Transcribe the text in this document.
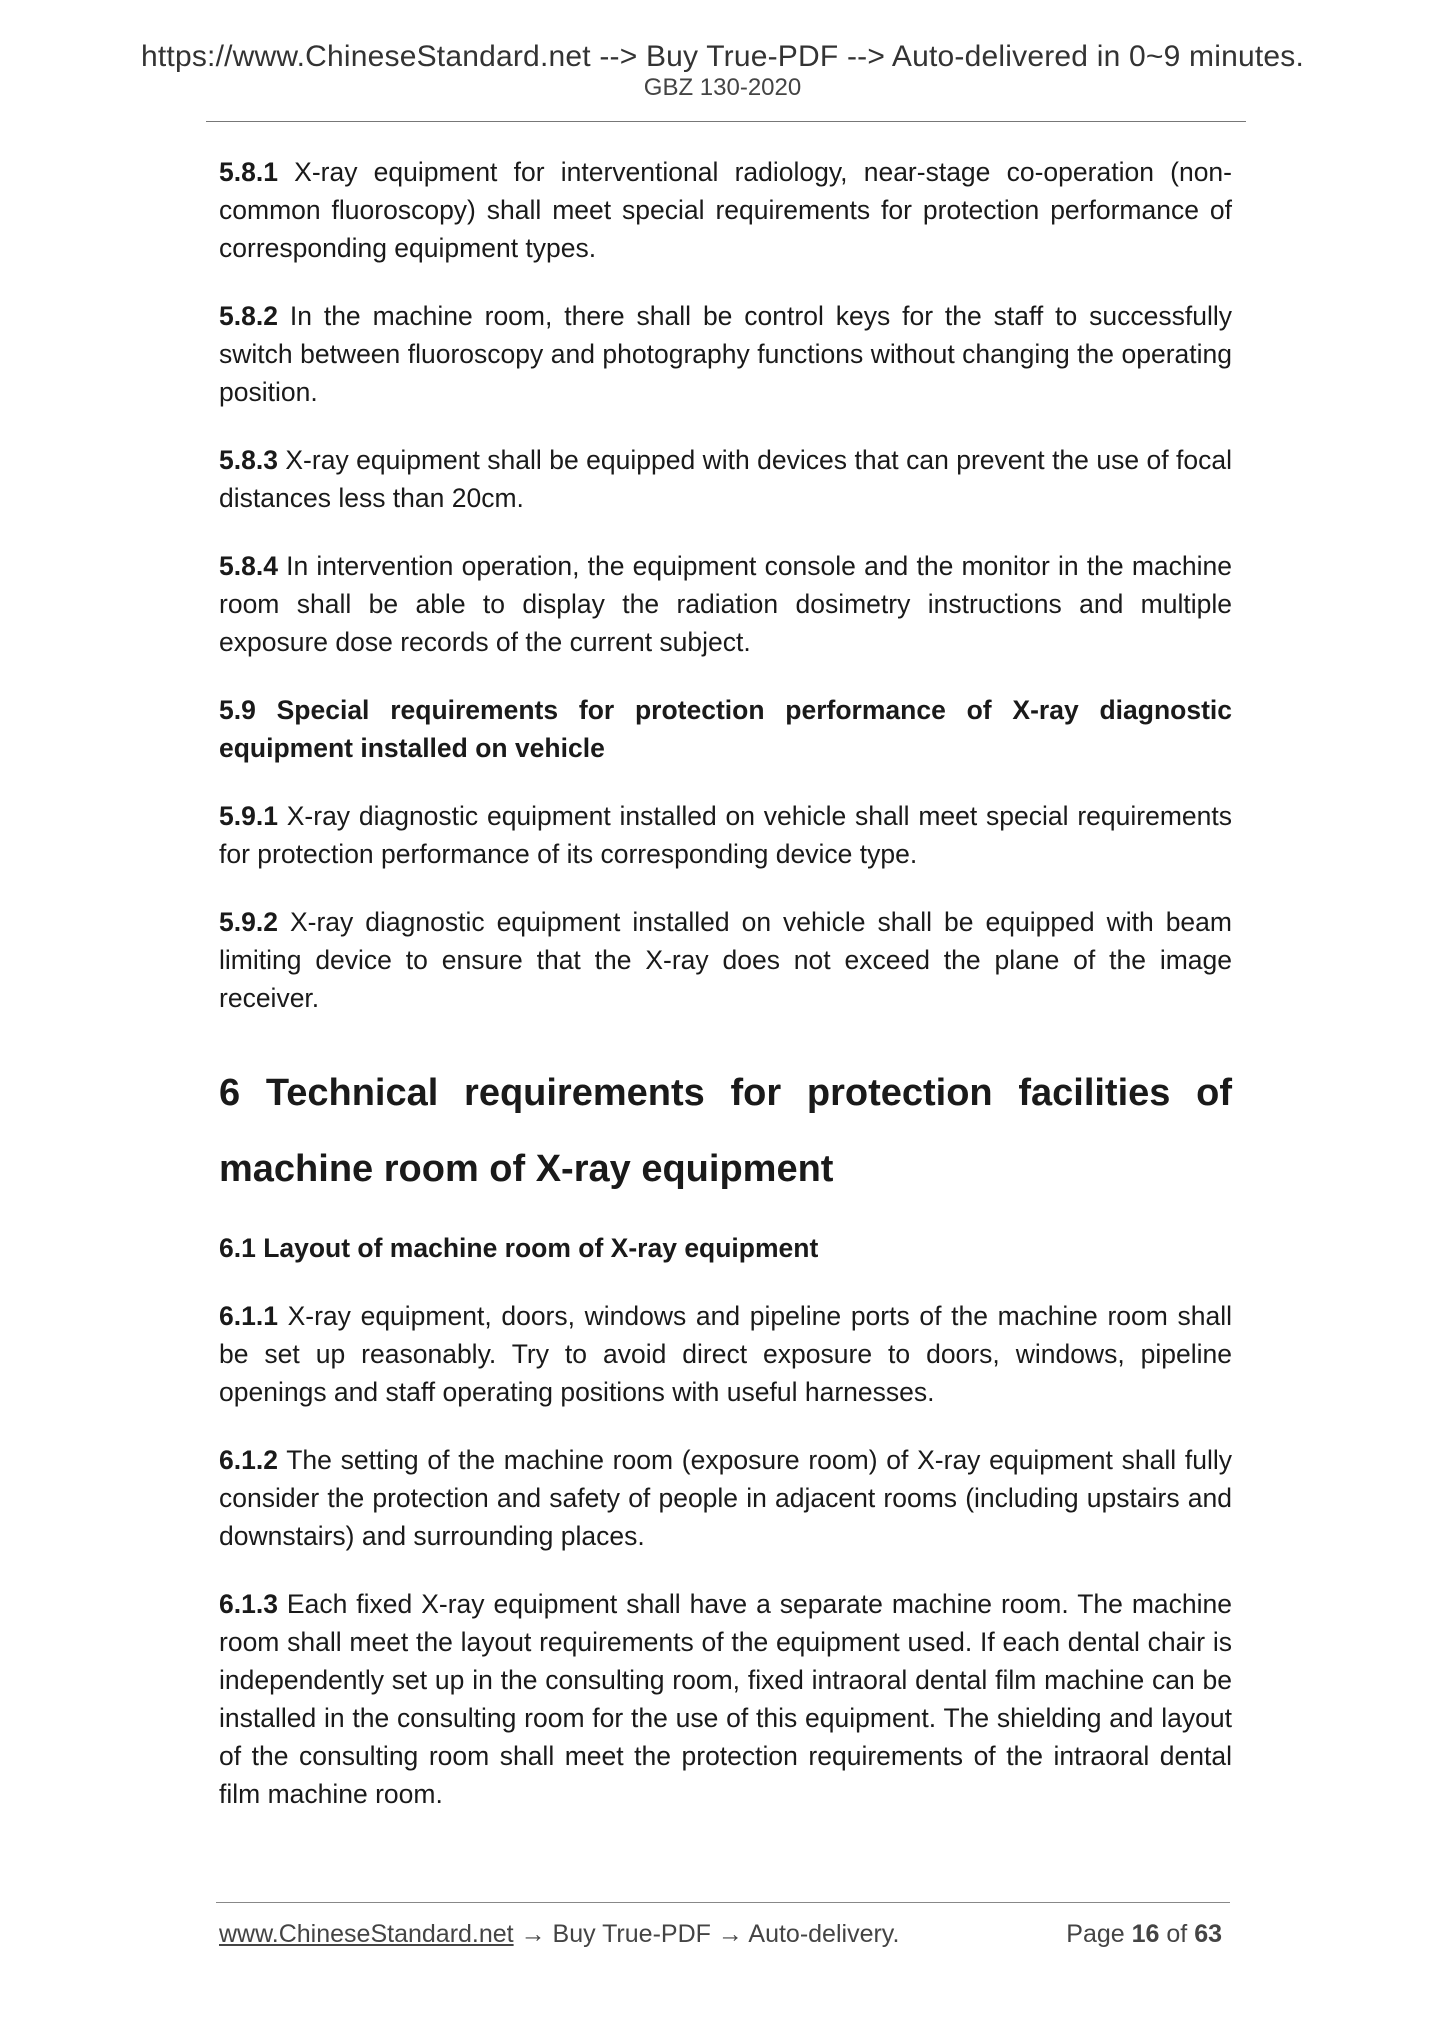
https://www.ChineseStandard.net --> Buy True-PDF --> Auto-delivered in 0~9 minutes.
GBZ 130-2020

5.8.1 X-ray equipment for interventional radiology, near-stage co-operation (non-common fluoroscopy) shall meet special requirements for protection performance of corresponding equipment types.

5.8.2 In the machine room, there shall be control keys for the staff to successfully switch between fluoroscopy and photography functions without changing the operating position.

5.8.3 X-ray equipment shall be equipped with devices that can prevent the use of focal distances less than 20cm.

5.8.4 In intervention operation, the equipment console and the monitor in the machine room shall be able to display the radiation dosimetry instructions and multiple exposure dose records of the current subject.

5.9 Special requirements for protection performance of X-ray diagnostic equipment installed on vehicle

5.9.1 X-ray diagnostic equipment installed on vehicle shall meet special requirements for protection performance of its corresponding device type.

5.9.2 X-ray diagnostic equipment installed on vehicle shall be equipped with beam limiting device to ensure that the X-ray does not exceed the plane of the image receiver.

6 Technical requirements for protection facilities of machine room of X-ray equipment

6.1 Layout of machine room of X-ray equipment

6.1.1 X-ray equipment, doors, windows and pipeline ports of the machine room shall be set up reasonably. Try to avoid direct exposure to doors, windows, pipeline openings and staff operating positions with useful harnesses.

6.1.2 The setting of the machine room (exposure room) of X-ray equipment shall fully consider the protection and safety of people in adjacent rooms (including upstairs and downstairs) and surrounding places.

6.1.3 Each fixed X-ray equipment shall have a separate machine room. The machine room shall meet the layout requirements of the equipment used. If each dental chair is independently set up in the consulting room, fixed intraoral dental film machine can be installed in the consulting room for the use of this equipment. The shielding and layout of the consulting room shall meet the protection requirements of the intraoral dental film machine room.

www.ChineseStandard.net → Buy True-PDF → Auto-delivery.	Page 16 of 63
